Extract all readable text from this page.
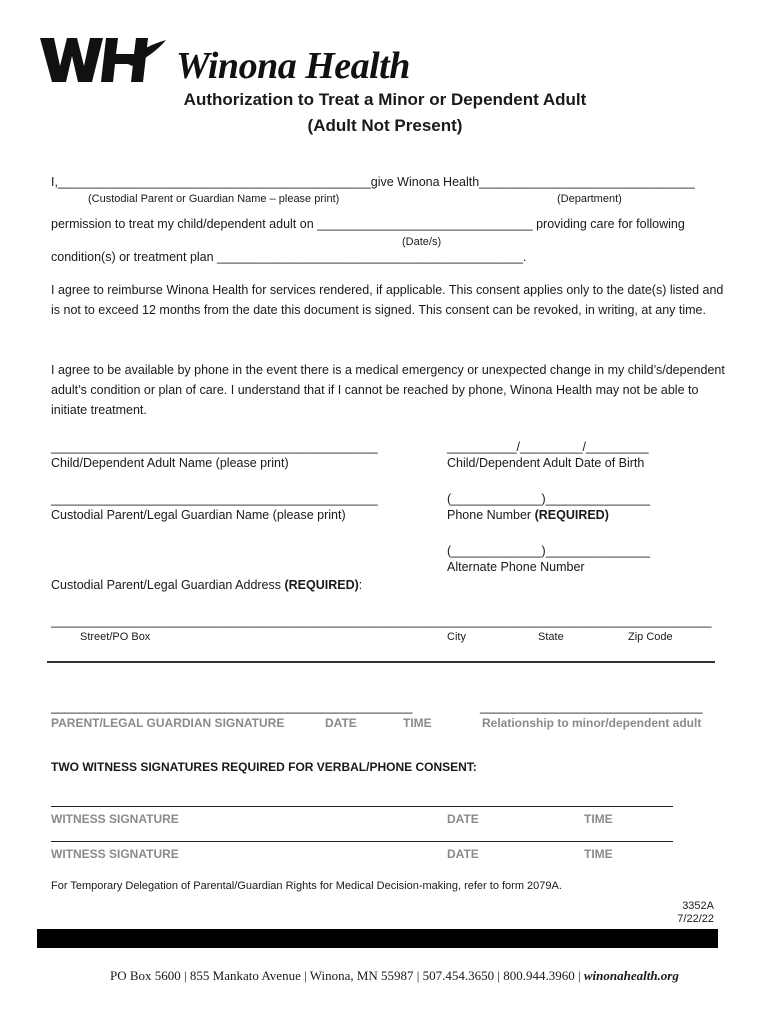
Winona Health
Authorization to Treat a Minor or Dependent Adult
(Adult Not Present)
I,_____________________________________________give Winona Health_______________________________
(Custodial Parent or Guardian Name – please print)	(Department)
permission to treat my child/dependent adult on _______________________________ providing care for following
(Date/s)
condition(s) or treatment plan ____________________________________________.
I agree to reimburse Winona Health for services rendered, if applicable. This consent applies only to the date(s) listed and is not to exceed 12 months from the date this document is signed. This consent can be revoked, in writing, at any time.
I agree to be available by phone in the event there is a medical emergency or unexpected change in my child’s/dependent adult’s condition or plan of care. I understand that if I cannot be reached by phone, Winona Health may not be able to initiate treatment.
_______________________________________________
Child/Dependent Adult Name (please print)
__________/_________/_________
Child/Dependent Adult Date of Birth
_______________________________________________
Custodial Parent/Legal Guardian Name (please print)
(_____________)_______________
Phone Number (REQUIRED)
(_____________)_______________
Alternate Phone Number
Custodial Parent/Legal Guardian Address (REQUIRED):
_______________________________________________________________________________________________
Street/PO Box	City	State	Zip Code
____________________________________________________	________________________________
PARENT/LEGAL GUARDIAN SIGNATURE	DATE	TIME	Relationship to minor/dependent adult
TWO WITNESS SIGNATURES REQUIRED FOR VERBAL/PHONE CONSENT:
WITNESS SIGNATURE	DATE	TIME
WITNESS SIGNATURE	DATE	TIME
For Temporary Delegation of Parental/Guardian Rights for Medical Decision-making, refer to form 2079A.
3352A
7/22/22
PO Box 5600 | 855 Mankato Avenue | Winona, MN 55987 | 507.454.3650 | 800.944.3960 | winonahealth.org
